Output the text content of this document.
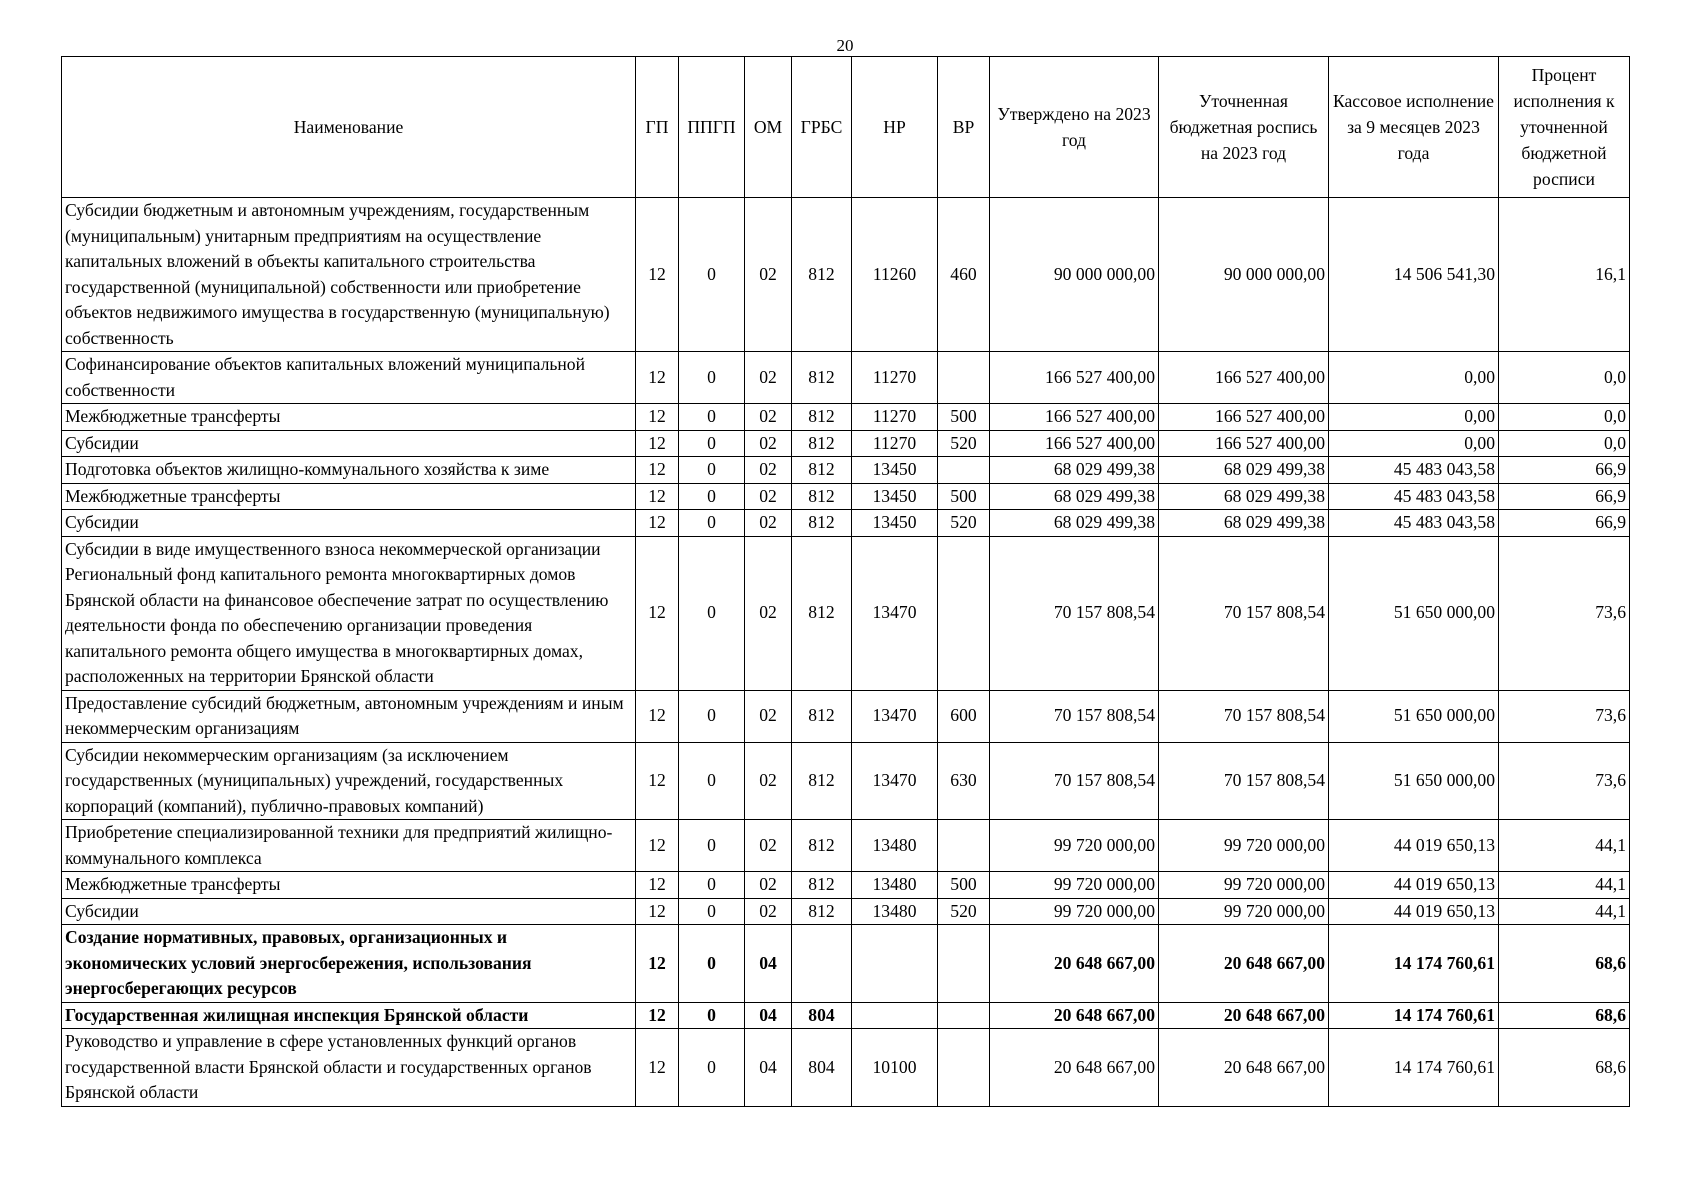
20
Наименование	ГП	ППГП	ОМ	ГРБС	НР	ВР	Утверждено на 2023 год	Уточненная бюджетная роспись на 2023 год	Кассовое исполнение за 9 месяцев 2023 года	Процент исполнения к уточненной бюджетной росписи
Субсидии бюджетным и автономным учреждениям, государственным (муниципальным) унитарным предприятиям на осуществление капитальных вложений в объекты капитального строительства государственной (муниципальной) собственности или приобретение объектов недвижимого имущества в государственную (муниципальную) собственность	12	0	02	812	11260	460	90 000 000,00	90 000 000,00	14 506 541,30	16,1
Софинансирование объектов капитальных вложений муниципальной собственности	12	0	02	812	11270		166 527 400,00	166 527 400,00	0,00	0,0
Межбюджетные трансферты	12	0	02	812	11270	500	166 527 400,00	166 527 400,00	0,00	0,0
Субсидии	12	0	02	812	11270	520	166 527 400,00	166 527 400,00	0,00	0,0
Подготовка объектов жилищно-коммунального хозяйства к зиме	12	0	02	812	13450		68 029 499,38	68 029 499,38	45 483 043,58	66,9
Межбюджетные трансферты	12	0	02	812	13450	500	68 029 499,38	68 029 499,38	45 483 043,58	66,9
Субсидии	12	0	02	812	13450	520	68 029 499,38	68 029 499,38	45 483 043,58	66,9
Субсидии в виде имущественного взноса некоммерческой организации Региональный фонд капитального ремонта многоквартирных домов Брянской области на финансовое обеспечение затрат по осуществлению деятельности фонда по обеспечению организации проведения капитального ремонта общего имущества в многоквартирных домах, расположенных на территории Брянской области	12	0	02	812	13470		70 157 808,54	70 157 808,54	51 650 000,00	73,6
Предоставление субсидий бюджетным, автономным учреждениям и иным некоммерческим организациям	12	0	02	812	13470	600	70 157 808,54	70 157 808,54	51 650 000,00	73,6
Субсидии некоммерческим организациям (за исключением государственных (муниципальных) учреждений, государственных корпораций (компаний), публично-правовых компаний)	12	0	02	812	13470	630	70 157 808,54	70 157 808,54	51 650 000,00	73,6
Приобретение специализированной техники для предприятий жилищно-коммунального комплекса	12	0	02	812	13480		99 720 000,00	99 720 000,00	44 019 650,13	44,1
Межбюджетные трансферты	12	0	02	812	13480	500	99 720 000,00	99 720 000,00	44 019 650,13	44,1
Субсидии	12	0	02	812	13480	520	99 720 000,00	99 720 000,00	44 019 650,13	44,1
Создание нормативных, правовых, организационных и экономических условий энергосбережения, использования энергосберегающих ресурсов	12	0	04				20 648 667,00	20 648 667,00	14 174 760,61	68,6
Государственная жилищная инспекция Брянской области	12	0	04	804			20 648 667,00	20 648 667,00	14 174 760,61	68,6
Руководство и управление в сфере установленных функций органов государственной власти Брянской области и государственных органов Брянской области	12	0	04	804	10100		20 648 667,00	20 648 667,00	14 174 760,61	68,6
